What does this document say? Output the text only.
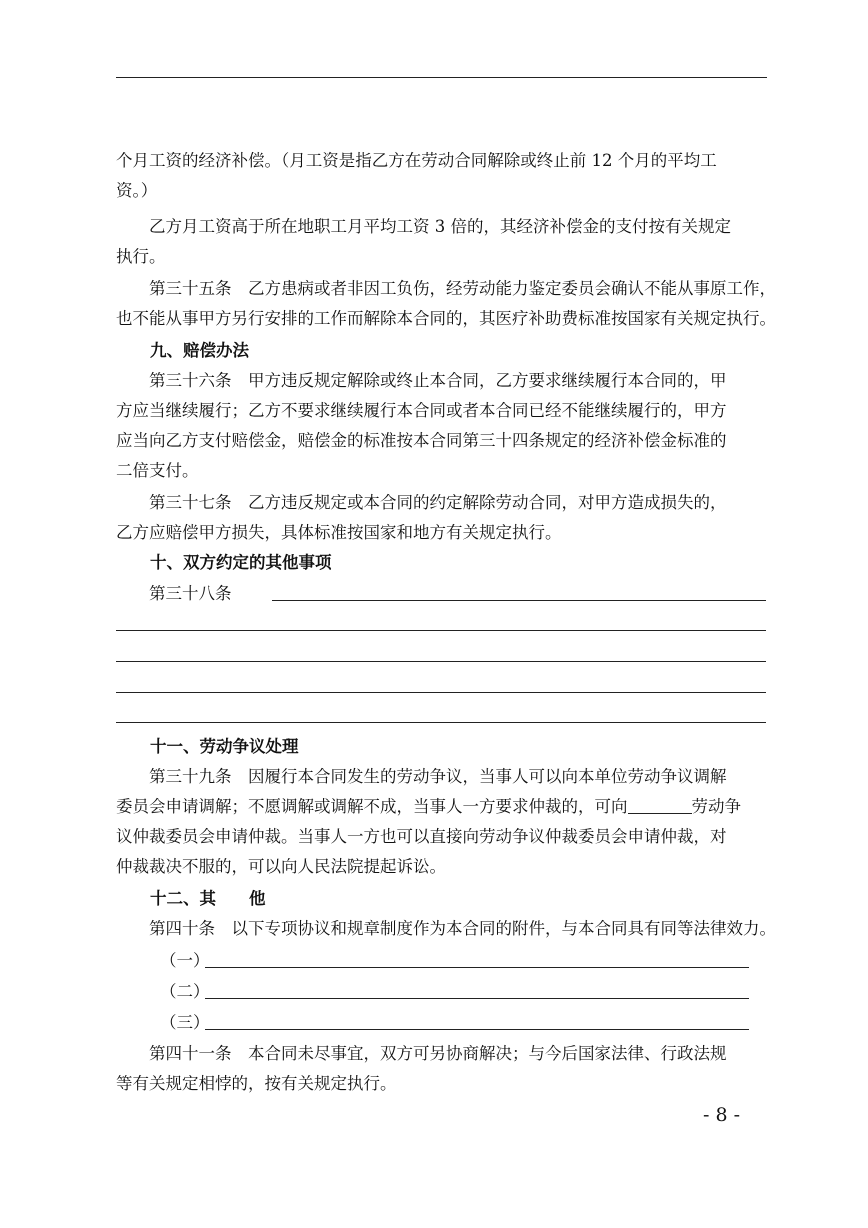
个月工资的经济补偿。（月工资是指乙方在劳动合同解除或终止前 12 个月的平均工

资。）

　　乙方月工资高于所在地职工月平均工资 3 倍的，其经济补偿金的支付按有关规定

执行。

　　第三十五条　乙方患病或者非因工负伤，经劳动能力鉴定委员会确认不能从事原工作，

也不能从事甲方另行安排的工作而解除本合同的，其医疗补助费标准按国家有关规定执行。

九、赔偿办法

　　第三十六条　甲方违反规定解除或终止本合同，乙方要求继续履行本合同的，甲

方应当继续履行；乙方不要求继续履行本合同或者本合同已经不能继续履行的，甲方

应当向乙方支付赔偿金，赔偿金的标准按本合同第三十四条规定的经济补偿金标准的

二倍支付。

　　第三十七条　乙方违反规定或本合同的约定解除劳动合同，对甲方造成损失的，

乙方应赔偿甲方损失，具体标准按国家和地方有关规定执行。

十、双方约定的其他事项

　　第三十八条

十一、劳动争议处理

　　第三十九条　因履行本合同发生的劳动争议，当事人可以向本单位劳动争议调解

委员会申请调解；不愿调解或调解不成，当事人一方要求仲裁的，可向	劳动争

议仲裁委员会申请仲裁。当事人一方也可以直接向劳动争议仲裁委员会申请仲裁，对

仲裁裁决不服的，可以向人民法院提起诉讼。

十二、其　　他

　　第四十条　以下专项协议和规章制度作为本合同的附件，与本合同具有同等法律效力。

（一）

（二）

（三）

　　第四十一条　本合同未尽事宜，双方可另协商解决；与今后国家法律、行政法规

等有关规定相悖的，按有关规定执行。

- 8 -
